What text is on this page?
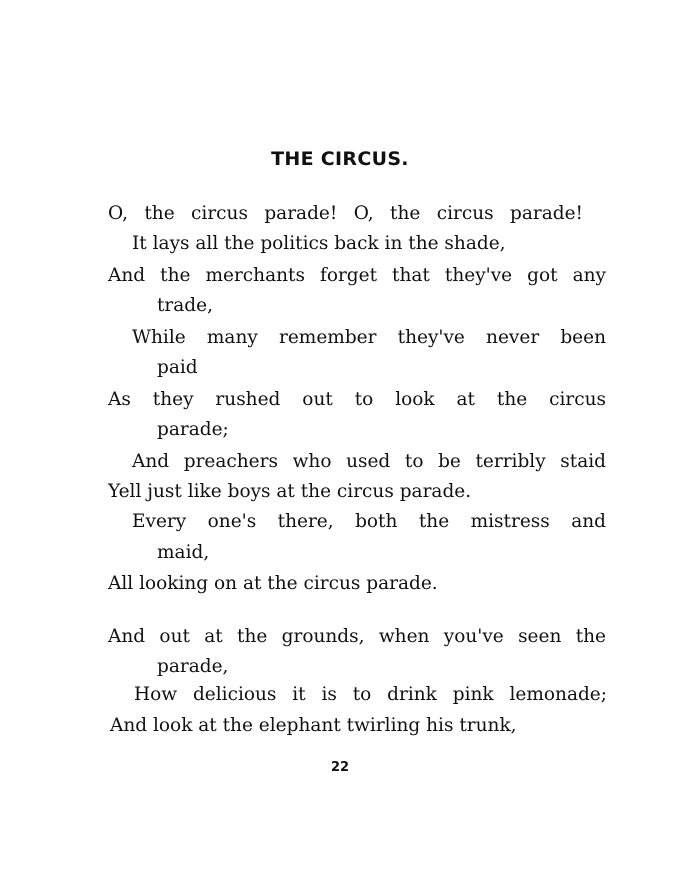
THE CIRCUS.
O, the circus parade! O, the circus parade!
It lays all the politics back in the shade,
And the merchants forget that they've got any
trade,
While many remember they've never been
paid
As they rushed out to look at the circus
parade;
And preachers who used to be terribly staid
Yell just like boys at the circus parade.
Every one's there, both the mistress and
maid,
All looking on at the circus parade.
And out at the grounds, when you've seen the
parade,
How delicious it is to drink pink lemonade;
And look at the elephant twirling his trunk,
22
